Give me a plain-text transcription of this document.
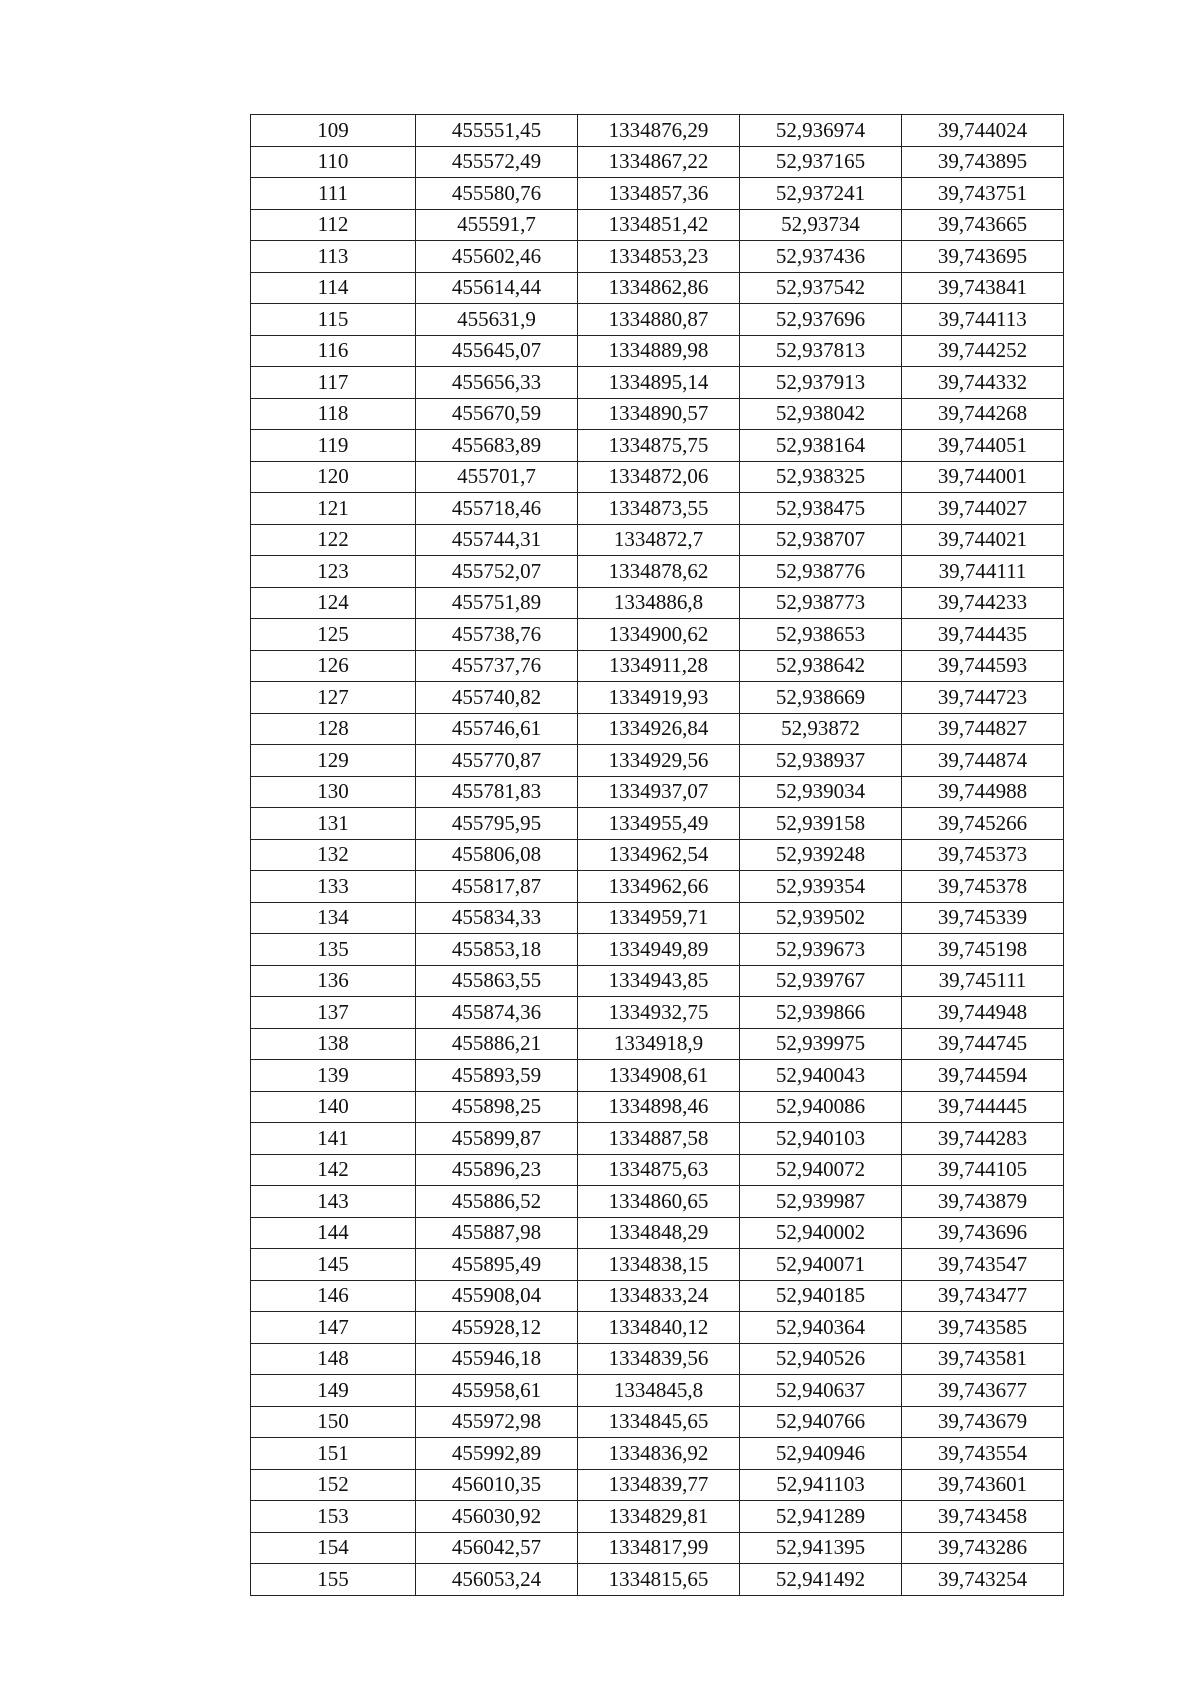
109	455551,45	1334876,29	52,936974	39,744024
110	455572,49	1334867,22	52,937165	39,743895
111	455580,76	1334857,36	52,937241	39,743751
112	455591,7	1334851,42	52,93734	39,743665
113	455602,46	1334853,23	52,937436	39,743695
114	455614,44	1334862,86	52,937542	39,743841
115	455631,9	1334880,87	52,937696	39,744113
116	455645,07	1334889,98	52,937813	39,744252
117	455656,33	1334895,14	52,937913	39,744332
118	455670,59	1334890,57	52,938042	39,744268
119	455683,89	1334875,75	52,938164	39,744051
120	455701,7	1334872,06	52,938325	39,744001
121	455718,46	1334873,55	52,938475	39,744027
122	455744,31	1334872,7	52,938707	39,744021
123	455752,07	1334878,62	52,938776	39,744111
124	455751,89	1334886,8	52,938773	39,744233
125	455738,76	1334900,62	52,938653	39,744435
126	455737,76	1334911,28	52,938642	39,744593
127	455740,82	1334919,93	52,938669	39,744723
128	455746,61	1334926,84	52,93872	39,744827
129	455770,87	1334929,56	52,938937	39,744874
130	455781,83	1334937,07	52,939034	39,744988
131	455795,95	1334955,49	52,939158	39,745266
132	455806,08	1334962,54	52,939248	39,745373
133	455817,87	1334962,66	52,939354	39,745378
134	455834,33	1334959,71	52,939502	39,745339
135	455853,18	1334949,89	52,939673	39,745198
136	455863,55	1334943,85	52,939767	39,745111
137	455874,36	1334932,75	52,939866	39,744948
138	455886,21	1334918,9	52,939975	39,744745
139	455893,59	1334908,61	52,940043	39,744594
140	455898,25	1334898,46	52,940086	39,744445
141	455899,87	1334887,58	52,940103	39,744283
142	455896,23	1334875,63	52,940072	39,744105
143	455886,52	1334860,65	52,939987	39,743879
144	455887,98	1334848,29	52,940002	39,743696
145	455895,49	1334838,15	52,940071	39,743547
146	455908,04	1334833,24	52,940185	39,743477
147	455928,12	1334840,12	52,940364	39,743585
148	455946,18	1334839,56	52,940526	39,743581
149	455958,61	1334845,8	52,940637	39,743677
150	455972,98	1334845,65	52,940766	39,743679
151	455992,89	1334836,92	52,940946	39,743554
152	456010,35	1334839,77	52,941103	39,743601
153	456030,92	1334829,81	52,941289	39,743458
154	456042,57	1334817,99	52,941395	39,743286
155	456053,24	1334815,65	52,941492	39,743254
